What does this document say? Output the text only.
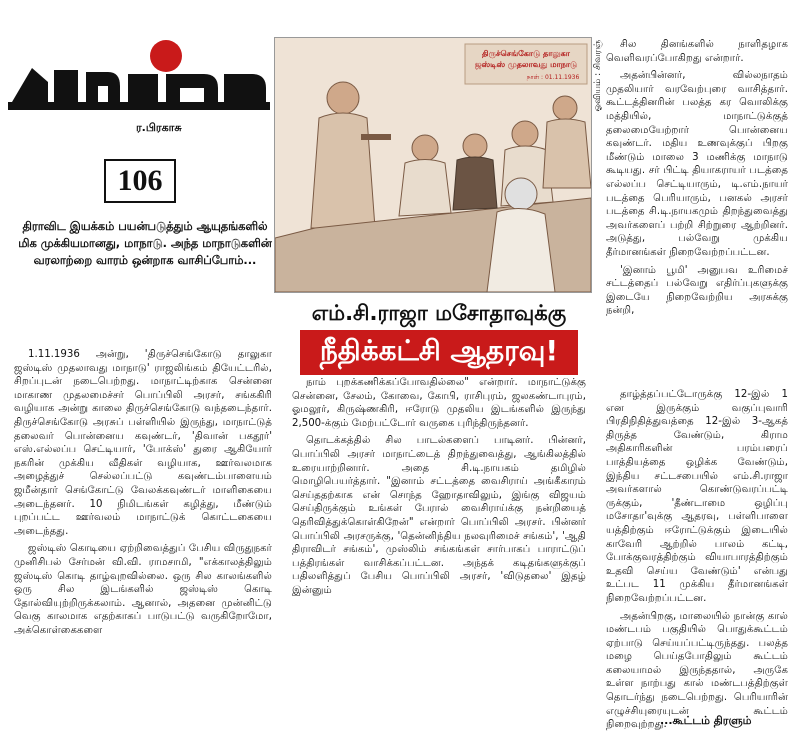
ர.பிரகாசு
106
திராவிட இயக்கம் பயன்படுத்தும் ஆயுதங்களில் மிக முக்கியமானது, மாநாடு. அந்த மாநாடுகளின் வரலாற்றை வாரம் ஒன்றாக வாசிப்போம்...
திருச்செங்கோடு தாலுகா
ஜஸ்டிஸ் முதலாவது மாநாடு
நாள் : 01.11.1936 ஓவியம் : சிவரஞ்
எம்.சி.ராஜா மசோதாவுக்கு
நீதிக்கட்சி ஆதரவு!

1.11.1936 அன்று, 'திருச்செங்கோடு தாலுகா ஜஸ்டிஸ் முதலாவது மாநாடு' ராஜலிங்கம் தியேட்டரில், சிறப்புடன் நடைபெற்றது. மாநாட்டிற்காக சென்னை மாகாண முதலமைச்சர் பொப்பிலி அரசர், சங்ககிரி வழியாக அன்று காலை திருச்செங்கோடு வந்தடைந்தார். திருச்செங்கோடு அரசுப் பள்ளியில் இருந்து, மாநாட்டுத் தலைவர் பொன்னைய கவுண்டர், 'திவான் பகதூர்' எஸ்.எல்லப்ப செட்டியார், 'போக்ஸ்' துரை ஆகியோர் நகரின் முக்கிய வீதிகள் வழியாக, ஊர்வலமாக அழைத்துச் செல்லப்பட்டு கவுண்டம்பாளையம் ஜமீன்தார் செங்கோட்டு வேலக்கவுண்டர் மாளிகையை அடைந்தனர். 10 நிமிடங்கள் கழித்து, மீண்டும் புறப்பட்ட ஊர்வலம் மாநாட்டுக் கொட்டகையை அடைந்தது.

ஜஸ்டிஸ் கொடியை ஏற்றிவைத்துப் பேசிய விருதுநகர் முனிசிபல் சேர்மன் வி.வி. ராமசாமி, "எக்காலத்திலும் ஜஸ்டிஸ் கொடி தாழ்வுறவில்லை. ஒரு சில காலங்களில் ஒரு சில இடங்களில் ஜஸ்டிஸ் கொடி தோல்வியுற்றிருக்கலாம். ஆனால், அதனை முன்னிட்டு வெகு காலமாக எதற்காகப் பாடுபட்டு வருகிறோமோ, அக்கொள்கைகளை

நாம் புறக்கணிக்கப்போவதில்லை" என்றார். மாநாட்டுக்கு சென்னை, சேலம், கோவை, கோபி, ராசிபுரம், ஜலகண்டாபுரம், ஓமலூர், கிருஷ்ணகிரி, ஈரோடு முதலிய இடங்களில் இருந்து 2,500-க்கும் மேற்பட்டோர் வருகை புரிந்திருந்தனர்.

தொடக்கத்தில் சில பாடல்களைப் பாடினர். பின்னர், பொப்பிலி அரசர் மாநாட்டைத் திறந்துவைத்து, ஆங்கிலத்தில் உரையாற்றினார். அதை சி.டி.நாயகம் தமிழில் மொழிபெயர்த்தார். "இனாம் சட்டத்தை வைசிராய் அங்கீகாரம் செய்ததற்காக என் சொந்த ஹோதாவிலும், இங்கு விஜயம் செய்திருக்கும் உங்கள் பேரால் வைசிராய்க்கு நன்றியைத் தெரிவித்துக்கொள்கிறேன்" என்றார் பொப்பிலி அரசர். பின்னர் பொப்பிலி அரசருக்கு, 'தென்னிந்திய நலவுரிமைச் சங்கம்', 'ஆதி திராவிடர் சங்கம்', முஸ்லிம் சங்கங்கள் சார்பாகப் பாராட்டுப் பத்திரங்கள் வாசிக்கப்பட்டன. அந்தக் கடிதங்களுக்குப் பதிலளித்துப் பேசிய பொப்பிலி அரசர், 'விடுதலை' இதழ் இன்னும்

சில தினங்களில் நாளிதழாக வெளிவரப்போகிறது என்றார்.

அதன்பின்னர், வில்லநாதம் முதலியார் வரவேற்புரை வாசித்தார். கூட்டத்தினரின் பலத்த கர வொலிக்கு மத்தியில், மாநாட்டுக்குத் தலைமையேற்றார் பொன்னைய கவுண்டர். மதிய உணவுக்குப் பிறகு மீண்டும் மாலை 3 மணிக்கு மாநாடு கூடியது. சர் பிட்டி தியாகராயர் படத்தை எல்லப்ப செட்டியாரும், டி.எம்.நாயர் படத்தை பெரியாரும், பனகல் அரசர் படத்தை சி.டி.நாயகமும் திறந்துவைத்து அவர்களைப் பற்றி சிற்றுரை ஆற்றினர். அடுத்து, பல்வேறு முக்கிய தீர்மானங்கள் நிறைவேற்றப்பட்டன.

'இனாம் பூமி' அனுபவ உரிமைச் சட்டத்தைப் பல்வேறு எதிர்ப்புகளுக்கு இடையே நிறைவேற்றிய அரசுக்கு நன்றி,

தாழ்த்தப்பட்டோருக்கு 12-இல் 1 என இருக்கும் வகுப்புவாரி பிரதிநிதித்துவத்தை 12-இல் 3-ஆகத் திருத்த வேண்டும், கிராம அதிகாரிகளின் பரம்பரைப் பாத்தியத்தை ஒழிக்க வேண்டும், இந்திய சட்டசபையில் எம்.சி.ராஜா அவர்களால் கொண்டுவரப்பட்டி ருக்கும், 'தீண்டாமை ஒழிப்பு மசோதா'வுக்கு ஆதரவு, பள்ளிபாளை யத்திற்கும் ஈரோட்டுக்கும் இடையில் காவேரி ஆற்றில் பாலம் கட்டி, போக்குவரத்திற்கும் வியாபாரத்திற்கும் உதவி செய்ய வேண்டும்' என்பது உட்பட 11 முக்கிய தீர்மானங்கள் நிறைவேற்றப்பட்டன.

அதன்பிறகு, மாலையில் நான்கு கால் மண்டபம் பகுதியில் பொதுக்கூட்டம் ஏற்பாடு செய்யப்பட்டிருந்தது. பலத்த மழை பெய்தபோதிலும் கூட்டம் கலையாமல் இருந்ததால், அருகே உள்ள நாற்பது கால் மண்டபத்திற்குள் தொடர்ந்து நடைபெற்றது. பெரியாரின் எழுச்சியுரையுடன் கூட்டம் நிறைவுற்றது.

...கூட்டம் திரளும்
